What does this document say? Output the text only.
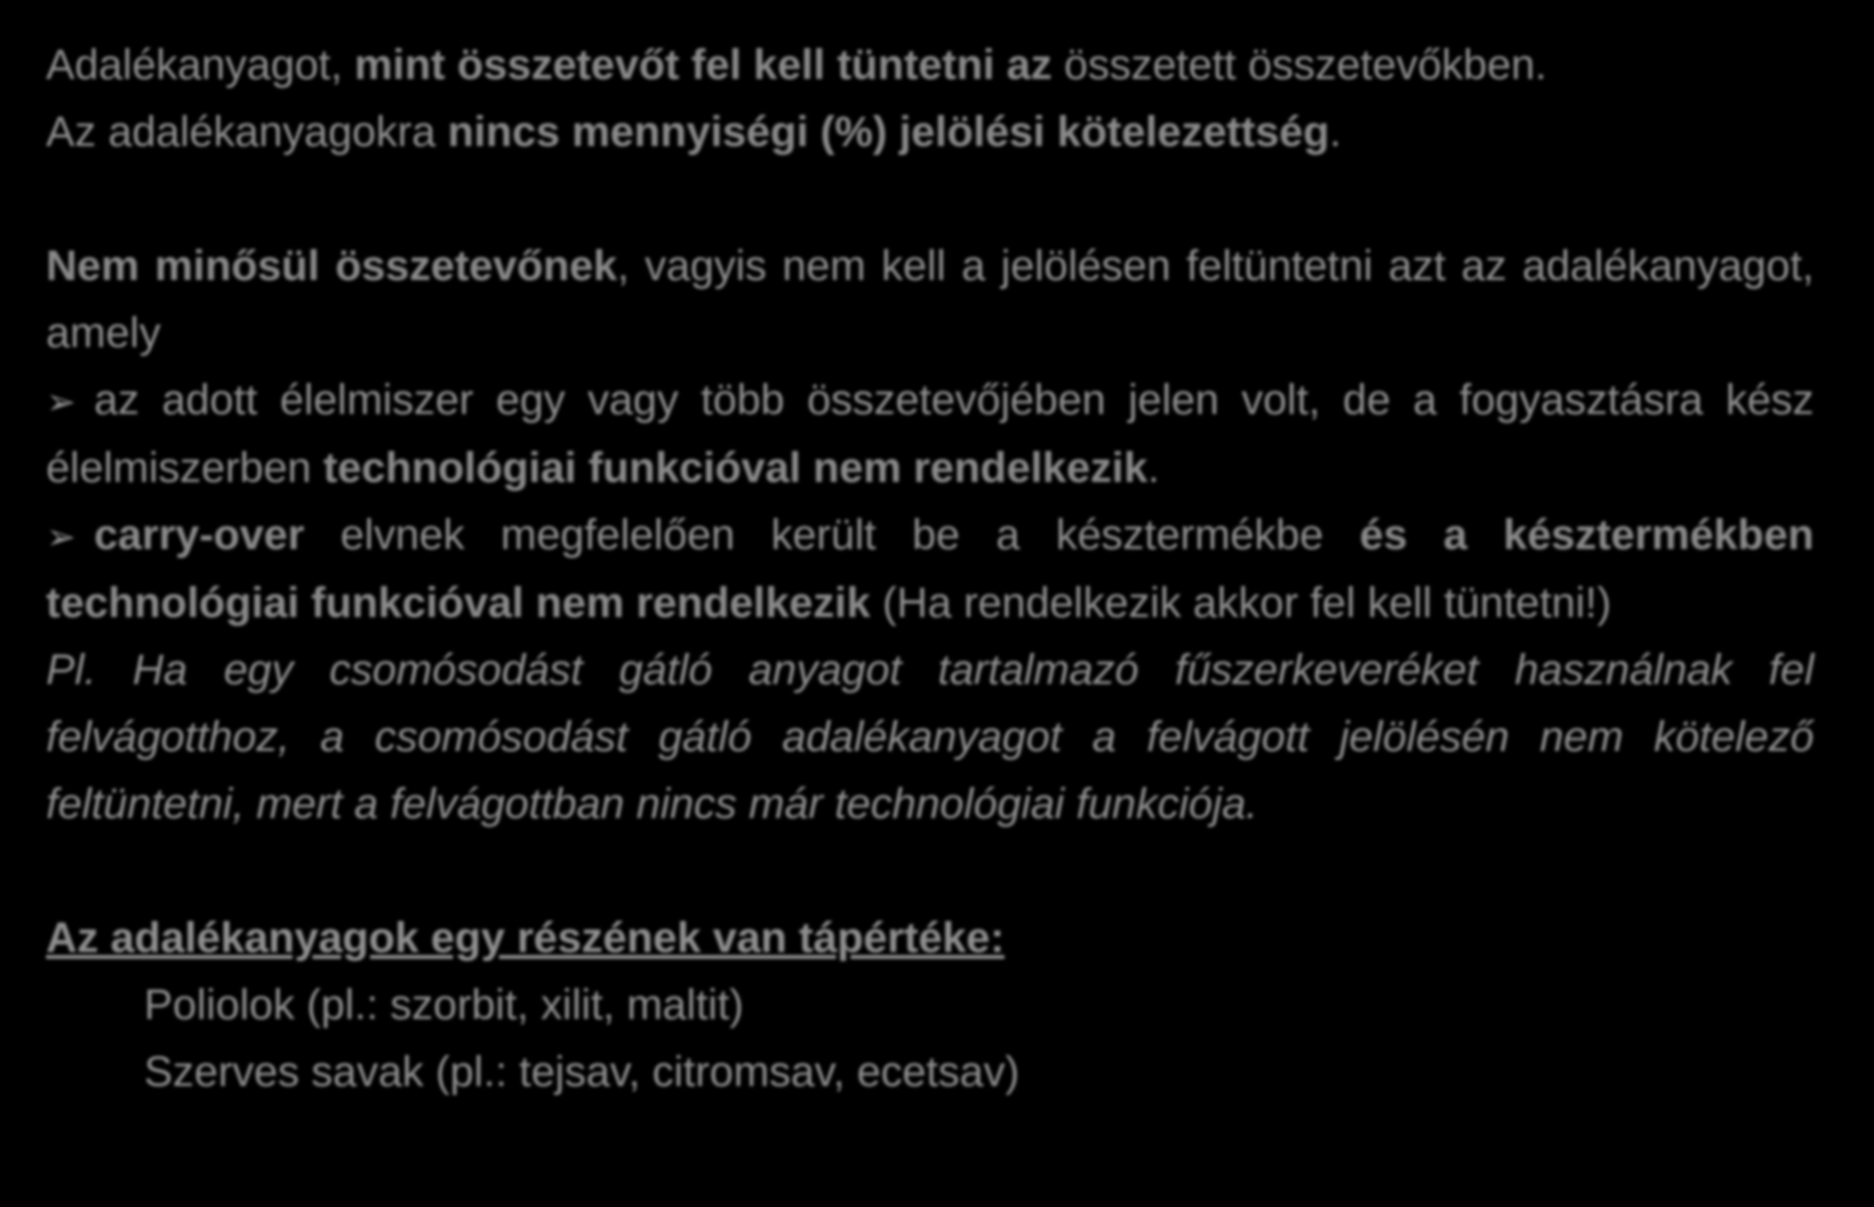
Adalékanyagot, mint összetevőt fel kell tüntetni az összetett összetevőkben.

Az adalékanyagokra nincs mennyiségi (%) jelölési kötelezettség.

Nem minősül összetevőnek, vagyis nem kell a jelölésen feltüntetni azt az adalékanyagot, amely

➢ az adott élelmiszer egy vagy több összetevőjében jelen volt, de a fogyasztásra kész élelmiszerben technológiai funkcióval nem rendelkezik.

➢ carry-over elvnek megfelelően került be a késztermékbe és a késztermékben technológiai funkcióval nem rendelkezik (Ha rendelkezik akkor fel kell tüntetni!)

Pl. Ha egy csomósodást gátló anyagot tartalmazó fűszerkeveréket használnak fel felvágotthoz, a csomósodást gátló adalékanyagot a felvágott jelölésén nem kötelező feltüntetni, mert a felvágottban nincs már technológiai funkciója.

Az adalékanyagok egy részének van tápértéke:

Poliolok (pl.: szorbit, xilit, maltit)

Szerves savak (pl.: tejsav, citromsav, ecetsav)
